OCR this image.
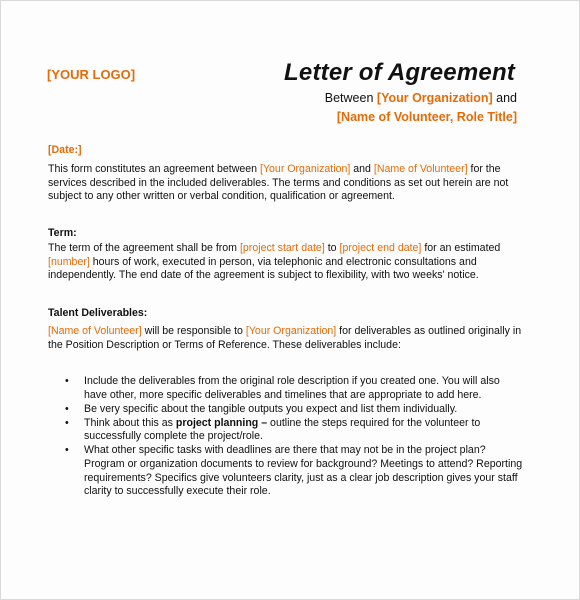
[YOUR LOGO]	Letter of Agreement
Between [Your Organization] and
[Name of Volunteer, Role Title]
[Date:]

This form constitutes an agreement between [Your Organization] and [Name of Volunteer] for the services described in the included deliverables. The terms and conditions as set out herein are not subject to any other written or verbal condition, qualification or agreement.

Term:

The term of the agreement shall be from [project start date] to [project end date] for an estimated [number] hours of work, executed in person, via telephonic and electronic consultations and independently. The end date of the agreement is subject to flexibility, with two weeks' notice.

Talent Deliverables:

[Name of Volunteer] will be responsible to [Your Organization] for deliverables as outlined originally in the Position Description or Terms of Reference. These deliverables include:

• Include the deliverables from the original role description if you created one. You will also have other, more specific deliverables and timelines that are appropriate to add here.
• Be very specific about the tangible outputs you expect and list them individually.
• Think about this as project planning – outline the steps required for the volunteer to successfully complete the project/role.
• What other specific tasks with deadlines are there that may not be in the project plan? Program or organization documents to review for background? Meetings to attend? Reporting requirements? Specifics give volunteers clarity, just as a clear job description gives your staff clarity to successfully execute their role.
